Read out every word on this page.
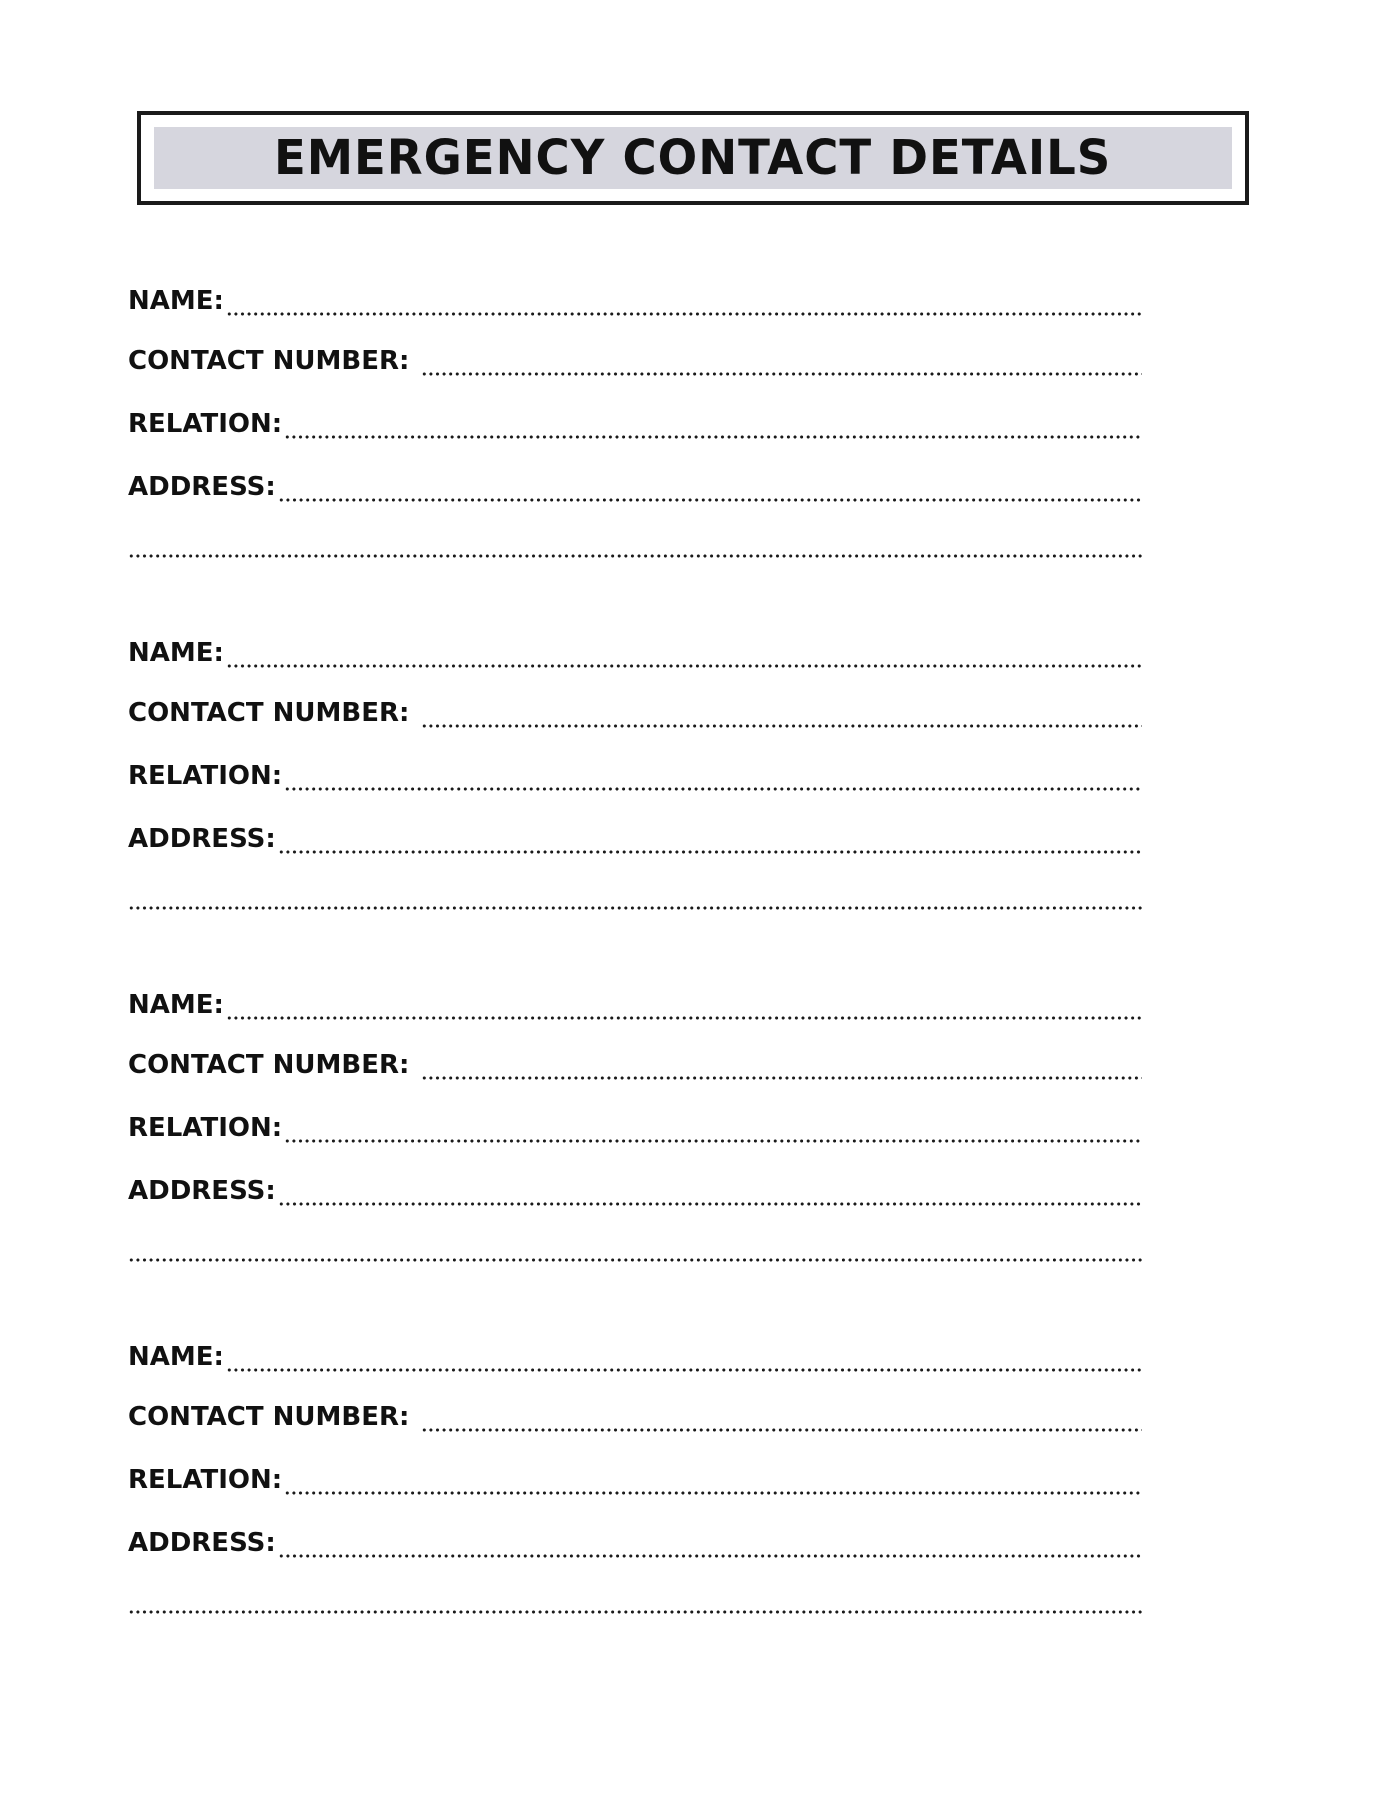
EMERGENCY CONTACT DETAILS
NAME:
CONTACT NUMBER:
RELATION:
ADDRESS:
NAME:
CONTACT NUMBER:
RELATION:
ADDRESS:
NAME:
CONTACT NUMBER:
RELATION:
ADDRESS:
NAME:
CONTACT NUMBER:
RELATION:
ADDRESS:
